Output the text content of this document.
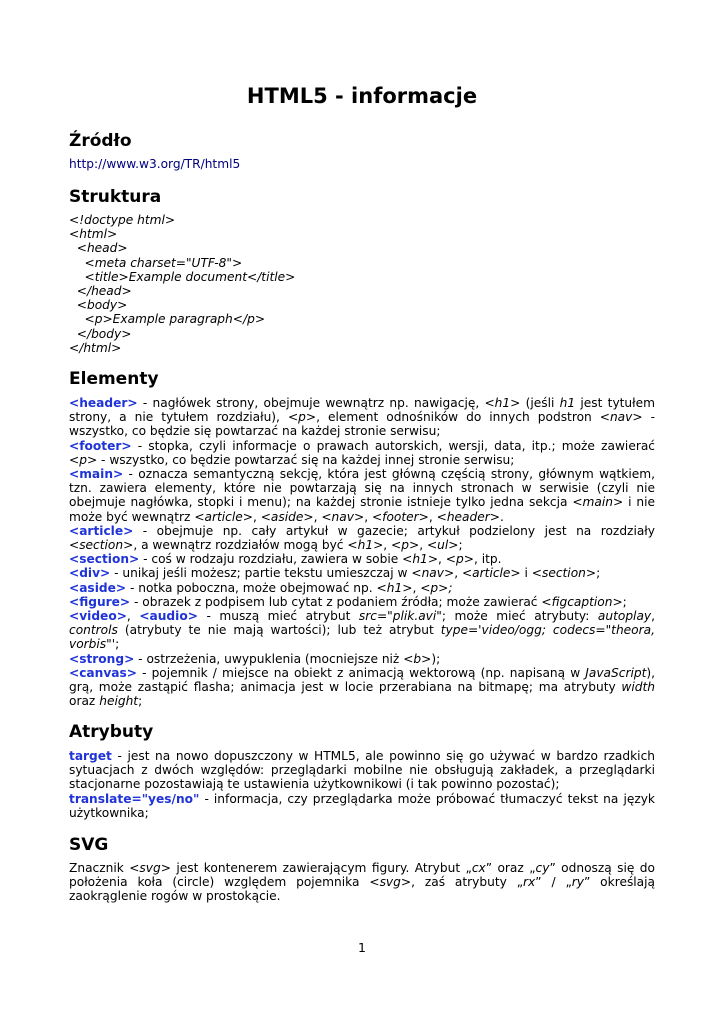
HTML5 - informacje
Źródło
http://www.w3.org/TR/html5
Struktura
<!doctype html>
<html>
<head>
<meta charset="UTF-8">
<title>Example document</title>
</head>
<body>
<p>Example paragraph</p>
</body>
</html>
Elementy
<header> - nagłówek strony, obejmuje wewnątrz np. nawigację, <h1> (jeśli h1 jest tytułem strony, a nie tytułem rozdziału), <p>, element odnośników do innych podstron <nav> - wszystko, co będzie się powtarzać na każdej stronie serwisu;
<footer> - stopka, czyli informacje o prawach autorskich, wersji, data, itp.; może zawierać <p> - wszystko, co będzie powtarzać się na każdej innej stronie serwisu;
<main> - oznacza semantyczną sekcję, która jest główną częścią strony, głównym wątkiem, tzn. zawiera elementy, które nie powtarzają się na innych stronach w serwisie (czyli nie obejmuje nagłówka, stopki i menu); na każdej stronie istnieje tylko jedna sekcja <main> i nie może być wewnątrz <article>, <aside>, <nav>, <footer>, <header>.
<article> - obejmuje np. cały artykuł w gazecie; artykuł podzielony jest na rozdziały <section>, a wewnątrz rozdziałów mogą być <h1>, <p>, <ul>;
<section> - coś w rodzaju rozdziału, zawiera w sobie <h1>, <p>, itp.
<div> - unikaj jeśli możesz; partie tekstu umieszczaj w <nav>, <article> i <section>;
<aside> - notka poboczna, może obejmować np. <h1>, <p>;
<figure> - obrazek z podpisem lub cytat z podaniem źródła; może zawierać <figcaption>;
<video>, <audio> - muszą mieć atrybut src="plik.avi"; może mieć atrybuty: autoplay, controls (atrybuty te nie mają wartości); lub też atrybut type='video/ogg; codecs="theora, vorbis"';
<strong> - ostrzeżenia, uwypuklenia (mocniejsze niż <b>);
<canvas> - pojemnik / miejsce na obiekt z animacją wektorową (np. napisaną w JavaScript), grą, może zastąpić flasha; animacja jest w locie przerabiana na bitmapę; ma atrybuty width oraz height;
Atrybuty
target - jest na nowo dopuszczony w HTML5, ale powinno się go używać w bardzo rzadkich sytuacjach z dwóch względów: przeglądarki mobilne nie obsługują zakładek, a przeglądarki stacjonarne pozostawiają te ustawienia użytkownikowi (i tak powinno pozostać);
translate="yes/no" - informacja, czy przeglądarka może próbować tłumaczyć tekst na język użytkownika;
SVG
Znacznik <svg> jest kontenerem zawierającym figury. Atrybut „cx” oraz „cy” odnoszą się do położenia koła (circle) względem pojemnika <svg>, zaś atrybuty „rx” / „ry” określają zaokrąglenie rogów w prostokącie.
1
